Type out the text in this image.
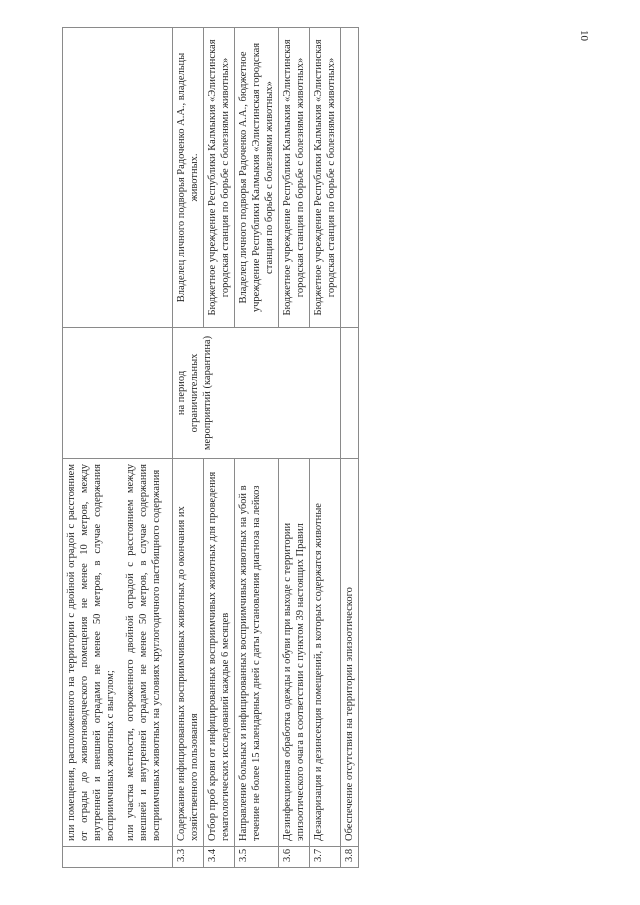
10

	или помещения, расположенного на территории с двойной оградой с расстоянием от ограды до животноводческого помещения не менее 10 метров, между внутренней и внешней оградами не менее 50 метров, в случае содержания восприимчивых животных с выгулом; или участка местности, огороженного двойной оградой с расстоянием между внешней и внутренней оградами не менее 50 метров, в случае содержания восприимчивых животных на условиях круглогодичного пастбищного содержания		

3.3	Содержание инфицированных восприимчивых животных до окончания их хозяйственного пользования	на период ограничительных мероприятий (карантина)	Владелец личного подворья Радоченко А.А., владельцы животных.
3.4	Отбор проб крови от инфицированных восприимчивых животных для проведения гематологических исследований каждые 6 месяцев		Бюджетное учреждение Республики Калмыкия «Элистинская городская станция по борьбе с болезнями животных»
3.5	Направление больных и инфицированных восприимчивых животных на убой в течение не более 15 календарных дней с даты установления диагноза на лейкоз		Владелец личного подворья Радоченко А.А., бюджетное учреждение Республики Калмыкия «Элистинская городская станция по борьбе с болезнями животных»
3.6	Дезинфекционная обработка одежды и обуви при выходе с территории эпизоотического очага в соответствии с пунктом 39 настоящих Правил		Бюджетное учреждение Республики Калмыкия «Элистинская городская станция по борьбе с болезнями животных»
3.7	Дезакаризация и дезинсекция помещений, в которых содержатся животные		Бюджетное учреждение Республики Калмыкия «Элистинская городская станция по борьбе с болезнями животных»
3.8	Обеспечение отсутствия на территории эпизоотического		
